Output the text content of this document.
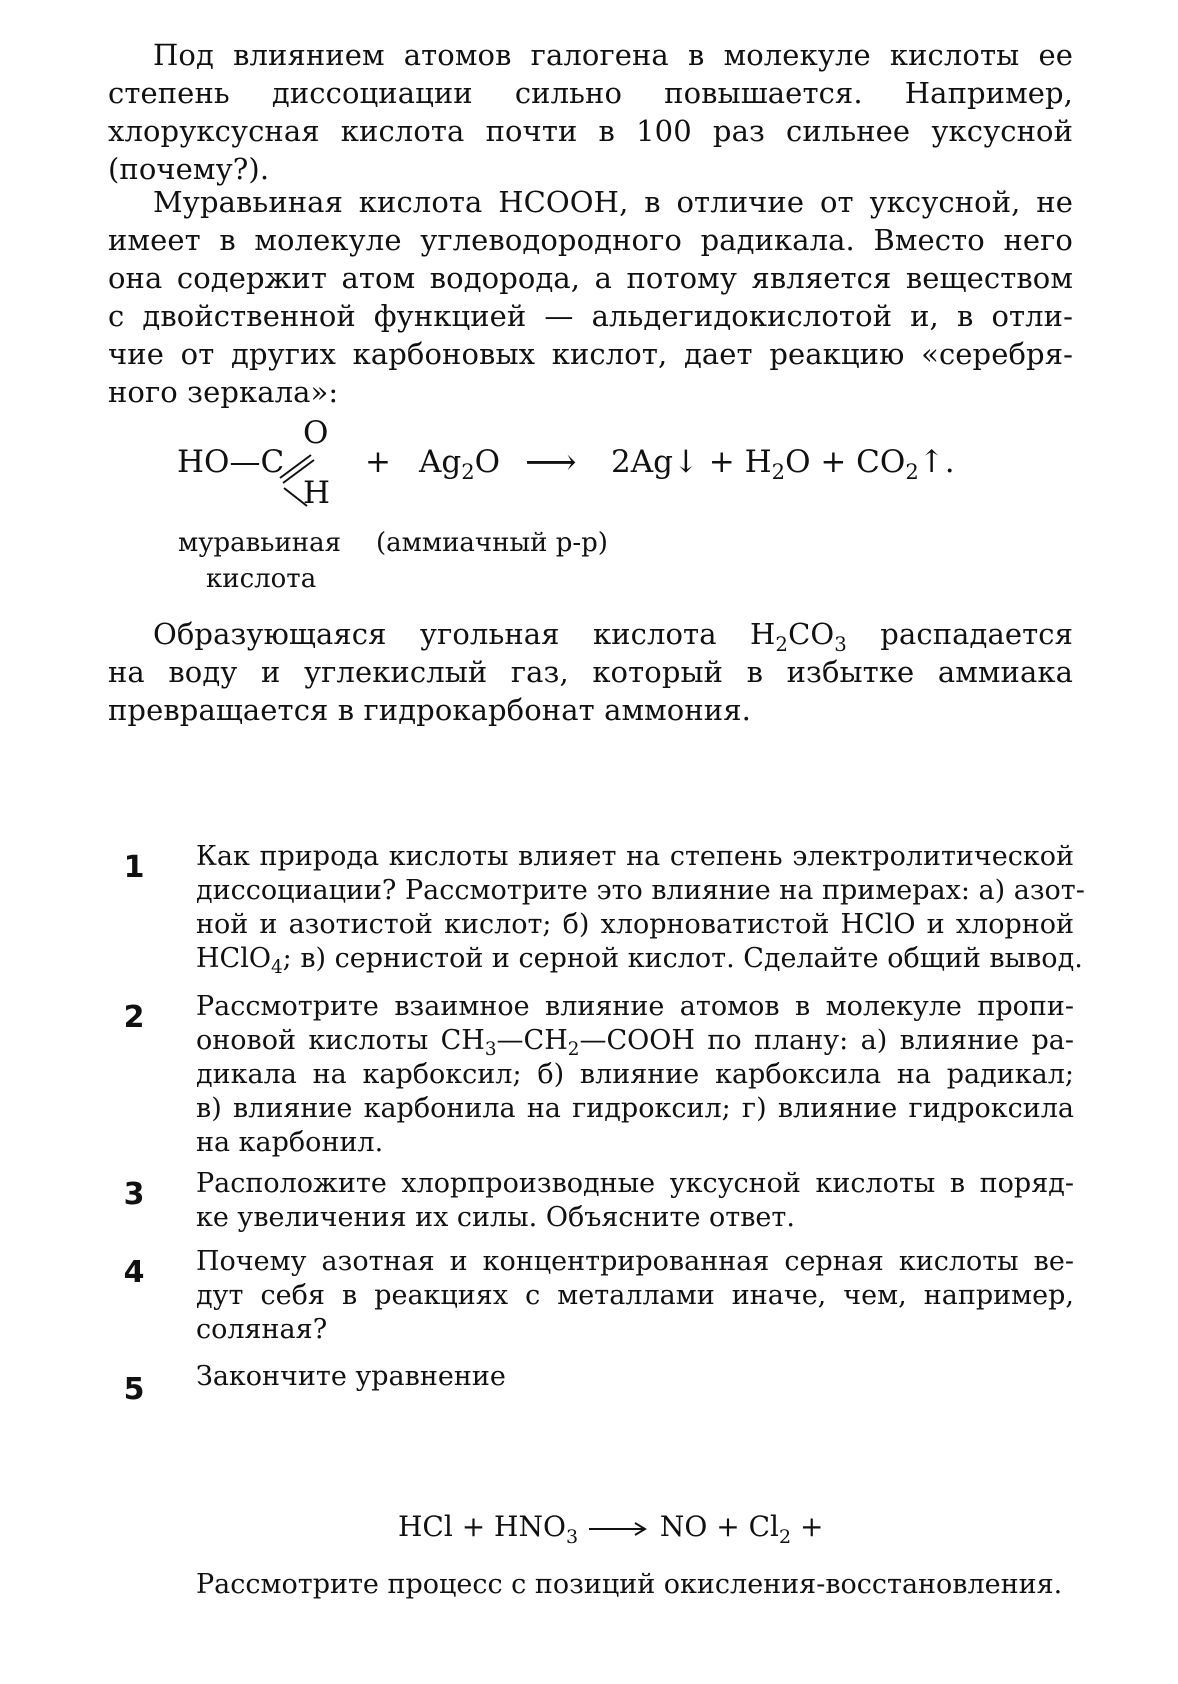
Под влиянием атомов галогена в молекуле кислоты ее
степень диссоциации сильно повышается. Например,
хлоруксусная кислота почти в 100 раз сильнее уксусной
(почему?).
Муравьиная кислота HCOOH, в отличие от уксусной, не
имеет в молекуле углеводородного радикала. Вместо него
она содержит атом водорода, а потому является веществом
с двойственной функцией — альдегидокислотой и, в отли-
чие от других карбоновых кислот, дает реакцию «серебря-
ного зеркала»:
HO—C
O
H
+ $Ag_2O$ ⟶ 2Ag↓ + $H_2O$ + $CO_2↑$.
муравьиная (аммиачный р-р)
кислота
Образующаяся угольная кислота $H_2CO_3$ распадается
на воду и углекислый газ, который в избытке аммиака
превращается в гидрокарбонат аммония.
1 Как природа кислоты влияет на степень электролитической
диссоциации? Рассмотрите это влияние на примерах: а) азот-
ной и азотистой кислот; б) хлорноватистой HClO и хлорной
HClO$_4$; в) сернистой и серной кислот. Сделайте общий вывод.
2 Рассмотрите взаимное влияние атомов в молекуле пропи-
оновой кислоты $CH_3—CH_2—COOH$ по плану: а) влияние ра-
дикала на карбоксил; б) влияние карбоксила на радикал;
в) влияние карбонила на гидроксил; г) влияние гидроксила
на карбонил.
3 Расположите хлорпроизводные уксусной кислоты в поряд-
ке увеличения их силы. Объясните ответ.
4 Почему азотная и концентрированная серная кислоты ве-
дут себя в реакциях с металлами иначе, чем, например,
соляная?
5 Закончите уравнение
HCl + $HNO_3$ → NO + $Cl_2$ +
Рассмотрите процесс с позиций окисления-восстановления.
